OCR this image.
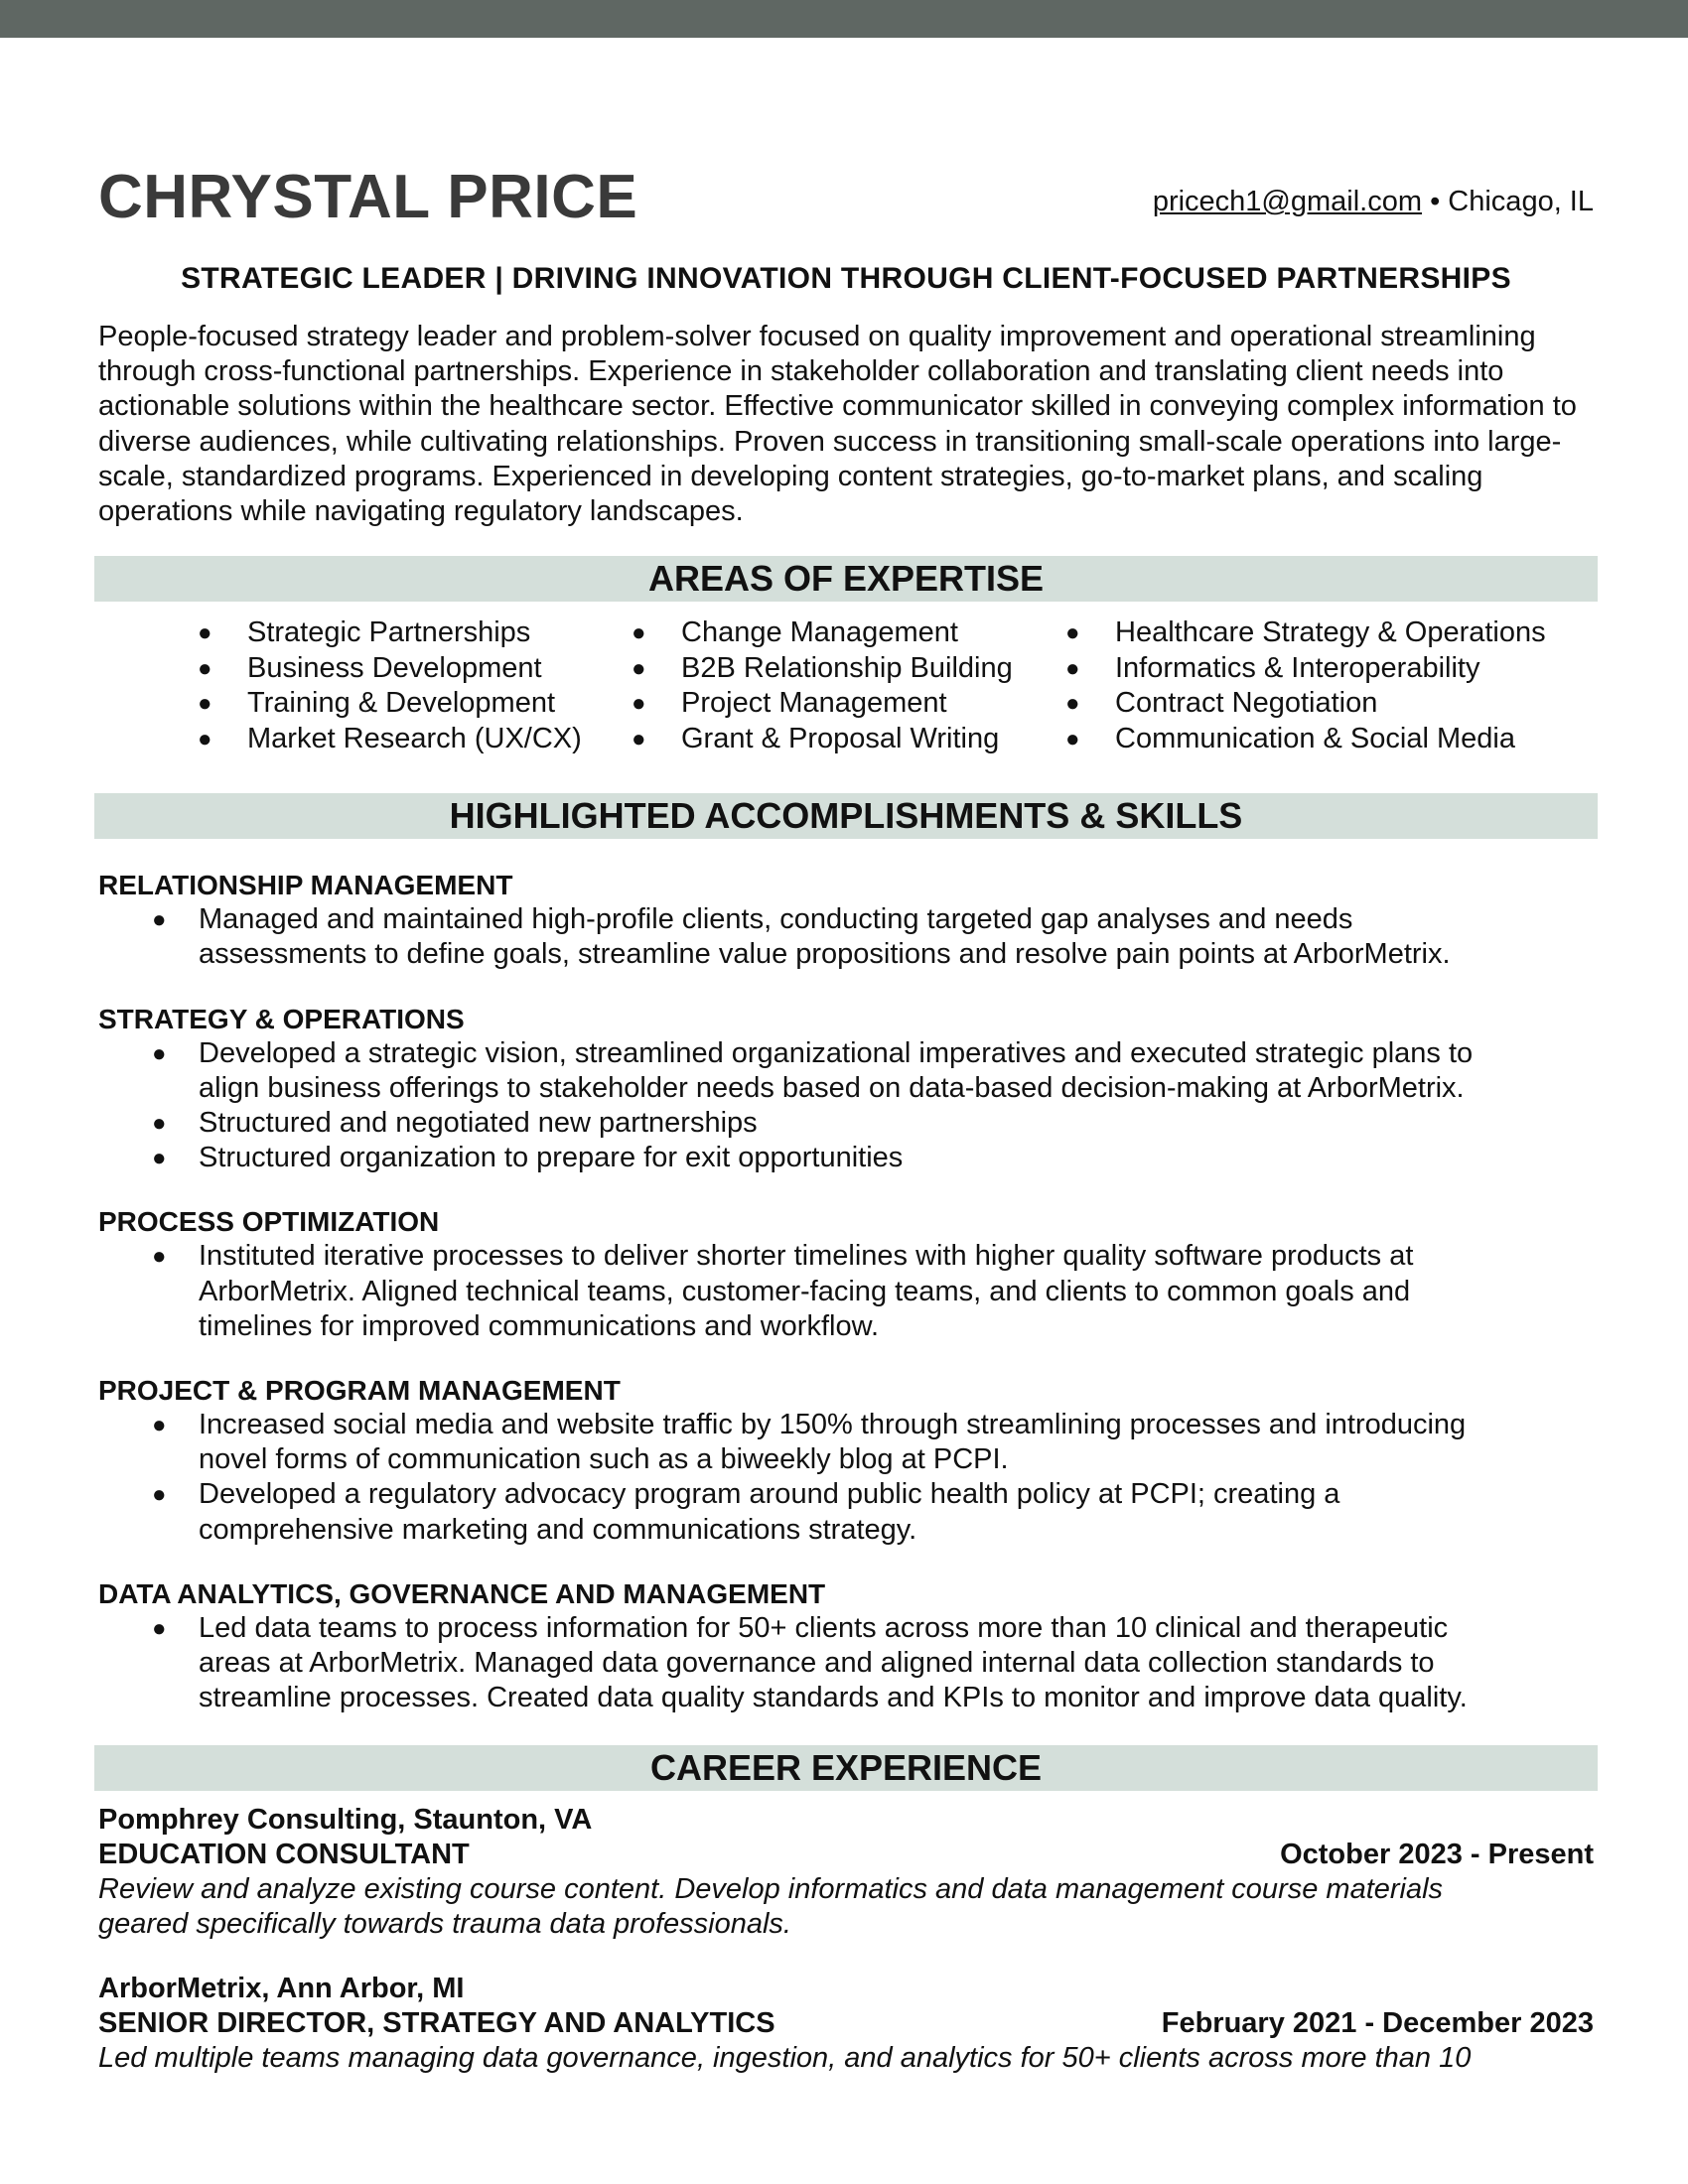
CHRYSTAL PRICE	pricech1@gmail.com • Chicago, IL
STRATEGIC LEADER | DRIVING INNOVATION THROUGH CLIENT-FOCUSED PARTNERSHIPS
People-focused strategy leader and problem-solver focused on quality improvement and operational streamlining through cross-functional partnerships. Experience in stakeholder collaboration and translating client needs into actionable solutions within the healthcare sector. Effective communicator skilled in conveying complex information to diverse audiences, while cultivating relationships. Proven success in transitioning small-scale operations into large-scale, standardized programs. Experienced in developing content strategies, go-to-market plans, and scaling operations while navigating regulatory landscapes.
AREAS OF EXPERTISE
●	Strategic Partnerships
●	Business Development
●	Training & Development
●	Market Research (UX/CX)
●	Change Management
●	B2B Relationship Building
●	Project Management
●	Grant & Proposal Writing
●	Healthcare Strategy & Operations
●	Informatics & Interoperability
●	Contract Negotiation
●	Communication & Social Media
HIGHLIGHTED ACCOMPLISHMENTS & SKILLS
RELATIONSHIP MANAGEMENT
●	Managed and maintained high-profile clients, conducting targeted gap analyses and needs
assessments to define goals, streamline value propositions and resolve pain points at ArborMetrix.
STRATEGY & OPERATIONS
●	Developed a strategic vision, streamlined organizational imperatives and executed strategic plans to
align business offerings to stakeholder needs based on data-based decision-making at ArborMetrix.
●	Structured and negotiated new partnerships
●	Structured organization to prepare for exit opportunities
PROCESS OPTIMIZATION
●	Instituted iterative processes to deliver shorter timelines with higher quality software products at
ArborMetrix. Aligned technical teams, customer-facing teams, and clients to common goals and
timelines for improved communications and workflow.
PROJECT & PROGRAM MANAGEMENT
●	Increased social media and website traffic by 150% through streamlining processes and introducing
novel forms of communication such as a biweekly blog at PCPI.
●	Developed a regulatory advocacy program around public health policy at PCPI; creating a
comprehensive marketing and communications strategy.
DATA ANALYTICS, GOVERNANCE AND MANAGEMENT
●	Led data teams to process information for 50+ clients across more than 10 clinical and therapeutic
areas at ArborMetrix. Managed data governance and aligned internal data collection standards to
streamline processes. Created data quality standards and KPIs to monitor and improve data quality.
CAREER EXPERIENCE
Pomphrey Consulting, Staunton, VA
EDUCATION CONSULTANT	October 2023 - Present
Review and analyze existing course content. Develop informatics and data management course materials
geared specifically towards trauma data professionals.
ArborMetrix, Ann Arbor, MI
SENIOR DIRECTOR, STRATEGY AND ANALYTICS	February 2021 - December 2023
Led multiple teams managing data governance, ingestion, and analytics for 50+ clients across more than 10
